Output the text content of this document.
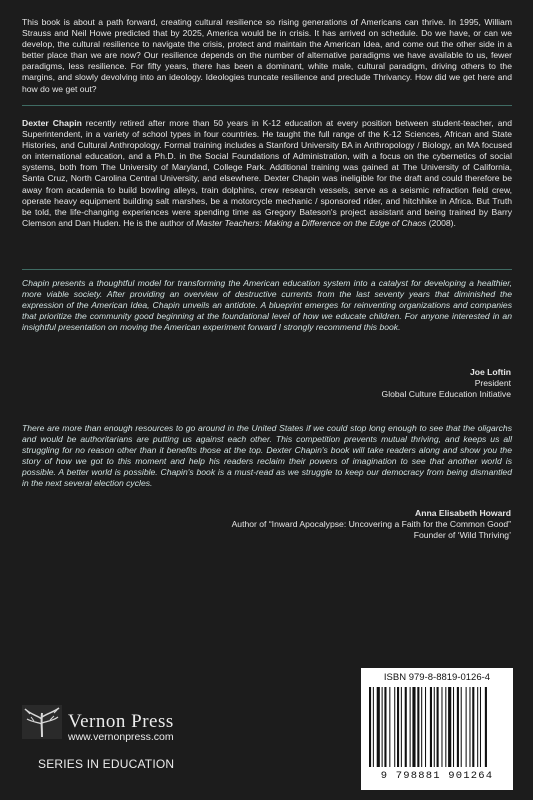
This book is about a path forward, creating cultural resilience so rising generations of Americans can thrive. In 1995, William Strauss and Neil Howe predicted that by 2025, America would be in crisis. It has arrived on schedule. Do we have, or can we develop, the cultural resilience to navigate the crisis, protect and maintain the American Idea, and come out the other side in a better place than we are now? Our resilience depends on the number of alternative paradigms we have available to us, fewer paradigms, less resilience. For fifty years, there has been a dominant, white male, cultural paradigm, driving others to the margins, and slowly devolving into an ideology. Ideologies truncate resilience and preclude Thrivancy. How did we get here and how do we get out?
Dexter Chapin recently retired after more than 50 years in K-12 education at every position between student-teacher, and Superintendent, in a variety of school types in four countries. He taught the full range of the K-12 Sciences, African and State Histories, and Cultural Anthropology. Formal training includes a Stanford University BA in Anthropology / Biology, an MA focused on international education, and a Ph.D. in the Social Foundations of Administration, with a focus on the cybernetics of social systems, both from The University of Maryland, College Park. Additional training was gained at The University of California, Santa Cruz, North Carolina Central University, and elsewhere. Dexter Chapin was ineligible for the draft and could therefore be away from academia to build bowling alleys, train dolphins, crew research vessels, serve as a seismic refraction field crew, operate heavy equipment building salt marshes, be a motorcycle mechanic / sponsored rider, and hitchhike in Africa. But Truth be told, the life-changing experiences were spending time as Gregory Bateson's project assistant and being trained by Barry Clemson and Dan Huden. He is the author of Master Teachers: Making a Difference on the Edge of Chaos (2008).
Chapin presents a thoughtful model for transforming the American education system into a catalyst for developing a healthier, more viable society. After providing an overview of destructive currents from the last seventy years that diminished the expression of the American Idea, Chapin unveils an antidote. A blueprint emerges for reinventing organizations and companies that prioritize the community good beginning at the foundational level of how we educate children. For anyone interested in an insightful presentation on moving the American experiment forward I strongly recommend this book.
Joe Loftin
President
Global Culture Education Initiative
There are more than enough resources to go around in the United States if we could stop long enough to see that the oligarchs and would be authoritarians are putting us against each other. This competition prevents mutual thriving, and keeps us all struggling for no reason other than it benefits those at the top. Dexter Chapin's book will take readers along and show you the story of how we got to this moment and help his readers reclaim their powers of imagination to see that another world is possible. A better world is possible. Chapin's book is a must-read as we struggle to keep our democracy from being dismantled in the next several election cycles.
Anna Elisabeth Howard
Author of “Inward Apocalypse: Uncovering a Faith for the Common Good”
Founder of ‘Wild Thriving’
Vernon Press
www.vernonpress.com
SERIES IN EDUCATION
ISBN 979-8-8819-0126-4
9 798881 901264
